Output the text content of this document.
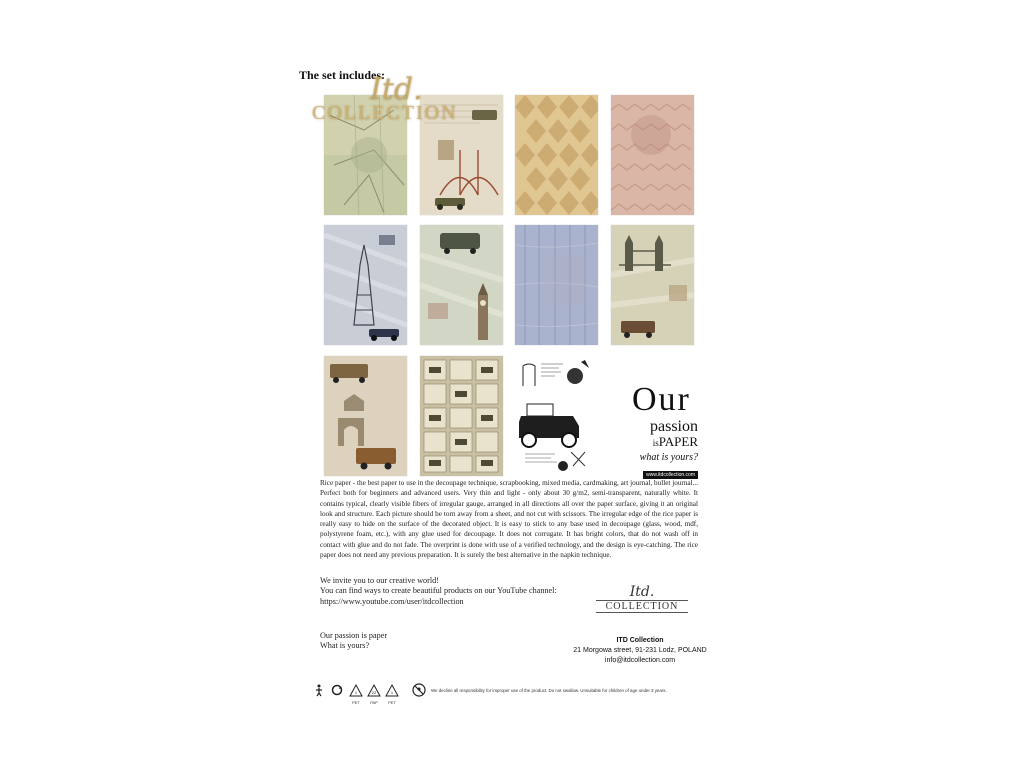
The set includes:
Itd.
COLLECTION
Our
passion
isPAPER
what is yours?
www.itdcollection.com
Rice paper - the best paper to use in the decoupage technique, scrapbooking, mixed media, cardmaking, art journal, bullet journal... Perfect both for beginners and advanced users. Very thin and light - only about 30 g/m2, semi-transparent, naturally white. It contains typical, clearly visible fibers of irregular gauge, arranged in all directions all over the paper surface, giving it an original look and structure. Each picture should be torn away from a sheet, and not cut with scissors. The irregular edge of the rice paper is really easy to hide on the surface of the decorated object. It is easy to stick to any base used in decoupage (glass, wood, mdf, polystyrene foam, etc.), with any glue used for decoupage. It does not corrugate. It has bright colors, that do not wash off in contact with glue and do not fade. The overprint is done with use of a verified technology, and the design is eye-catching. The rice paper does not need any previous preparation. It is surely the best alternative in the napkin technique.
We invite you to our creative world!
You can find ways to create beautiful products on our YouTube channel:
https://www.youtube.com/user/itdcollection
Our passion is paper
What is yours?
Itd.
COLLECTION
ITD Collection
21 Morgowa street, 91-231 Lodz, POLAND
info@itdcollection.com
1
PET
22
PAP
1
PET
We decline all responsibility for improper use of the product. Do not swallow. Unsuitable for children of age under 3 years.
